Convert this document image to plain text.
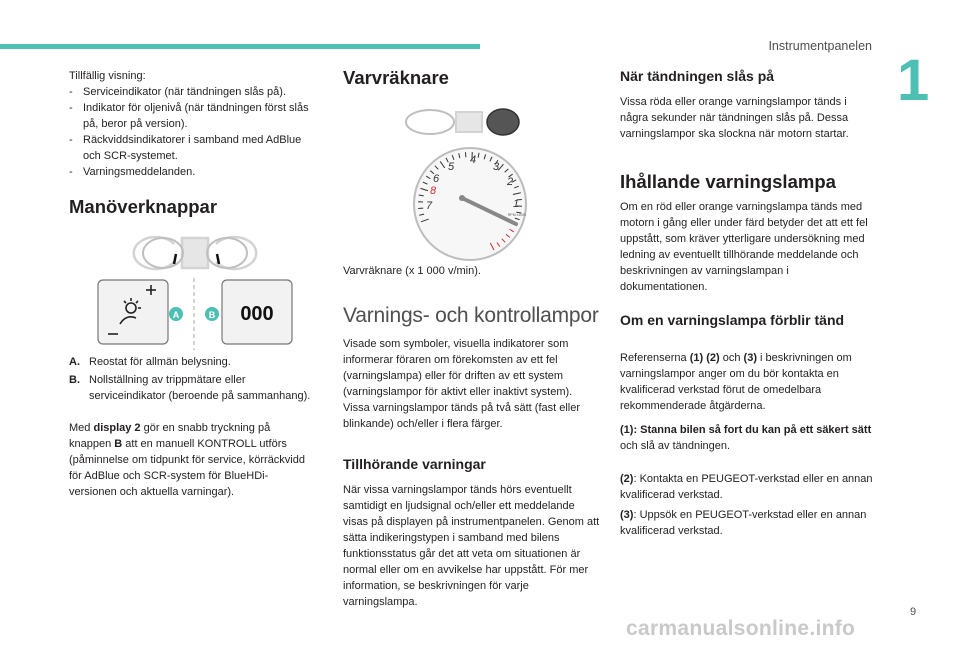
Instrumentpanelen
1

Tillfällig visning:

- Serviceindikator (när tändningen slås på).
- Indikator för oljenivå (när tändningen först slås på, beror på version).
- Räckviddsindikatorer i samband med AdBlue och SCR-systemet.
- Varningsmeddelanden.
Manöverknappar
000
A	B
A. Reostat för allmän belysning.
B. Nollställning av trippmätare eller serviceindikator (beroende på sammanhang).

Med display 2 gör en snabb tryckning på knappen B att en manuell KONTROLL utförs (påminnelse om tidpunkt för service, körräckvidd för AdBlue och SCR-system för BlueHDi-versionen och aktuella varningar).

Varvräknare
1
2
3
4
5
6
7
8
RPM x1000
Varvräknare (x 1 000 v/min).
Varnings- och kontrollampor
Visade som symboler, visuella indikatorer som informerar föraren om förekomsten av ett fel (varningslampa) eller för driften av ett system (varningslampor för aktivt eller inaktivt system). Vissa varningslampor tänds på två sätt (fast eller blinkande) och/eller i flera färger.
Tillhörande varningar
När vissa varningslampor tänds hörs eventuellt samtidigt en ljudsignal och/eller ett meddelande visas på displayen på instrumentpanelen. Genom att sätta indikeringstypen i samband med bilens funktionsstatus går det att veta om situationen är normal eller om en avvikelse har uppstått. För mer information, se beskrivningen för varje varningslampa.
När tändningen slås på
Vissa röda eller orange varningslampor tänds i några sekunder när tändningen slås på. Dessa varningslampor ska slockna när motorn startar.
Ihållande varningslampa
Om en röd eller orange varningslampa tänds med motorn i gång eller under färd betyder det att ett fel uppstått, som kräver ytterligare undersökning med ledning av eventuellt tillhörande meddelande och beskrivningen av varningslampan i dokumentationen.
Om en varningslampa förblir tänd

Referenserna (1) (2) och (3) i beskrivningen om varningslampor anger om du bör kontakta en kvalificerad verkstad förut de omedelbara rekommenderade åtgärderna.

(1): Stanna bilen så fort du kan på ett säkert sätt och slå av tändningen.

(2): Kontakta en PEUGEOT-verkstad eller en annan kvalificerad verkstad.

(3): Uppsök en PEUGEOT-verkstad eller en annan kvalificerad verkstad.

9
carmanualsonline.info
